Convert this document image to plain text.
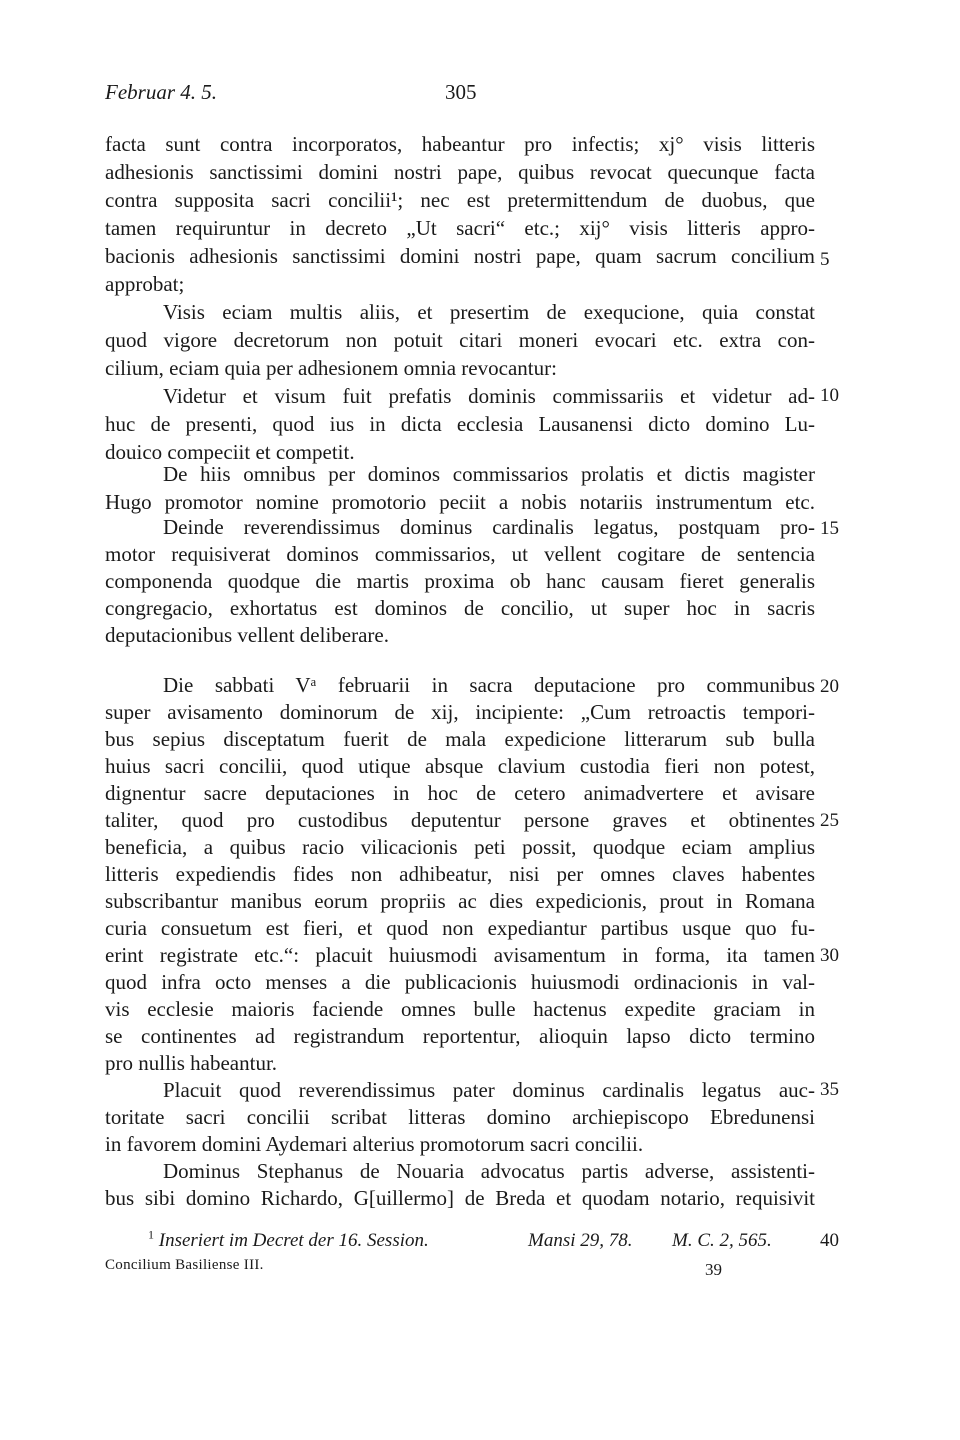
Februar 4. 5.	305
facta sunt contra incorporatos, habeantur pro infectis; xj° visis litteris
adhesionis sanctissimi domini nostri pape, quibus revocat quecunque facta
contra supposita sacri concilii¹; nec est pretermittendum de duobus, que
tamen requiruntur in decreto „Ut sacri“ etc.; xij° visis litteris appro-
bacionis adhesionis sanctissimi domini nostri pape, quam sacrum concilium
approbat;
Visis eciam multis aliis, et presertim de exequcione, quia constat
quod vigore decretorum non potuit citari moneri evocari etc. extra con-
cilium, eciam quia per adhesionem omnia revocantur:
Videtur et visum fuit prefatis dominis commissariis et videtur ad-
huc de presenti, quod ius in dicta ecclesia Lausanensi dicto domino Lu-
douico compeciit et competit.
De hiis omnibus per dominos commissarios prolatis et dictis magister
Hugo promotor nomine promotorio peciit a nobis notariis instrumentum etc.
Deinde reverendissimus dominus cardinalis legatus, postquam pro-
motor requisiverat dominos commissarios, ut vellent cogitare de sentencia
componenda quodque die martis proxima ob hanc causam fieret generalis
congregacio, exhortatus est dominos de concilio, ut super hoc in sacris
deputacionibus vellent deliberare.
Die sabbati Vᵃ februarii in sacra deputacione pro communibus
super avisamento dominorum de xij, incipiente: „Cum retroactis tempori-
bus sepius disceptatum fuerit de mala expedicione litterarum sub bulla
huius sacri concilii, quod utique absque clavium custodia fieri non potest,
dignentur sacre deputaciones in hoc de cetero animadvertere et avisare
taliter, quod pro custodibus deputentur persone graves et obtinentes
beneficia, a quibus racio vilicacionis peti possit, quodque eciam amplius
litteris expediendis fides non adhibeatur, nisi per omnes claves habentes
subscribantur manibus eorum propriis ac dies expedicionis, prout in Romana
curia consuetum est fieri, et quod non expediantur partibus usque quo fu-
erint registrate etc.“: placuit huiusmodi avisamentum in forma, ita tamen
quod infra octo menses a die publicacionis huiusmodi ordinacionis in val-
vis ecclesie maioris faciende omnes bulle hactenus expedite graciam in
se continentes ad registrandum reportentur, alioquin lapso dicto termino
pro nullis habeantur.
Placuit quod reverendissimus pater dominus cardinalis legatus auc-
toritate sacri concilii scribat litteras domino archiepiscopo Ebredunensi
in favorem domini Aydemari alterius promotorum sacri concilii.
Dominus Stephanus de Nouaria advocatus partis adverse, assistenti-
bus sibi domino Richardo, G[uillermo] de Breda et quodam notario, requisivit
5
10
15
20
25
30
35
40
$^1$ Inseriert im Decret der 16. Session.	Mansi 29, 78. M. C. 2, 565.
Concilium Basiliense III.	39
